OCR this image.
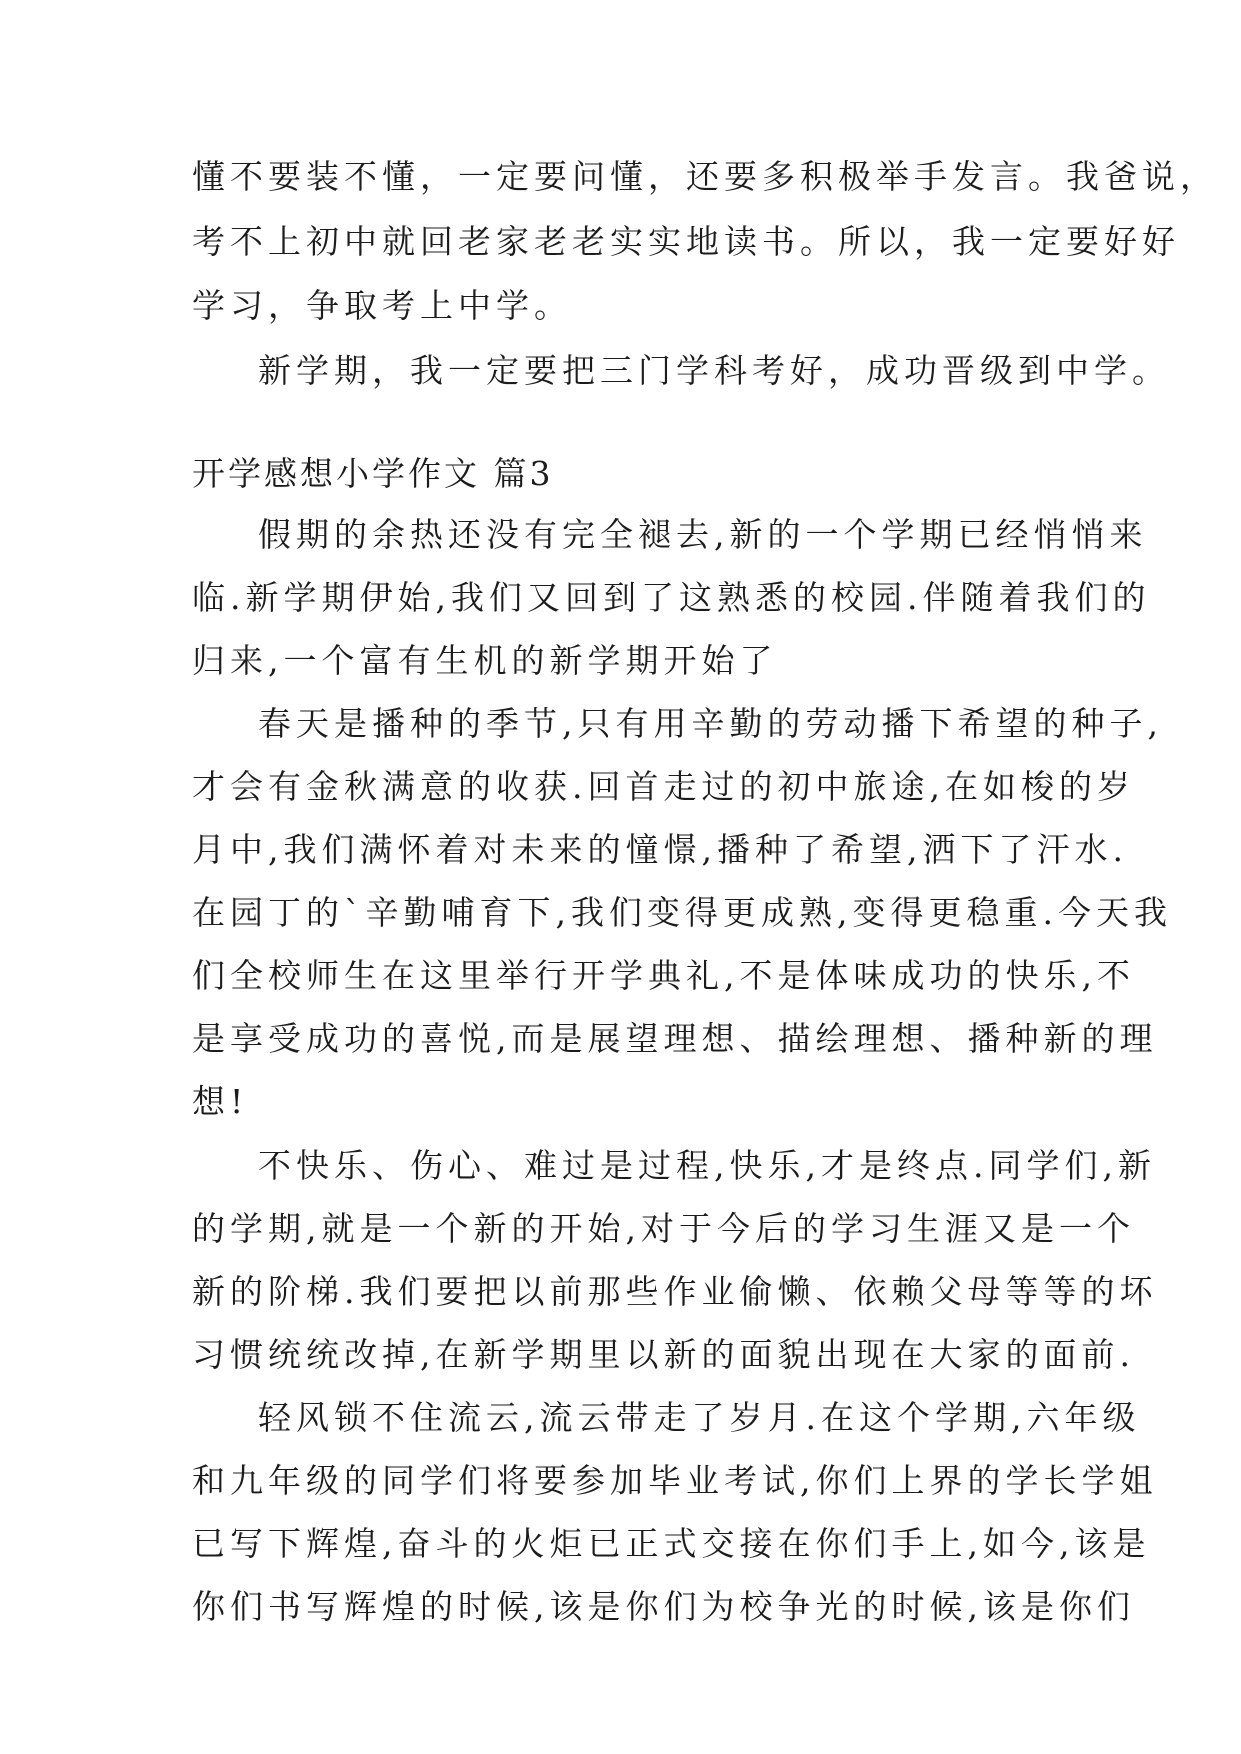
懂不要装不懂，一定要问懂，还要多积极举手发言。我爸说，
考不上初中就回老家老老实实地读书。所以，我一定要好好
学习，争取考上中学。
新学期，我一定要把三门学科考好，成功晋级到中学。
开学感想小学作文 篇3
假期的余热还没有完全褪去,新的一个学期已经悄悄来
临.新学期伊始,我们又回到了这熟悉的校园.伴随着我们的
归来,一个富有生机的新学期开始了
春天是播种的季节,只有用辛勤的劳动播下希望的种子,
才会有金秋满意的收获.回首走过的初中旅途,在如梭的岁
月中,我们满怀着对未来的憧憬,播种了希望,洒下了汗水.
在园丁的`辛勤哺育下,我们变得更成熟,变得更稳重.今天我
们全校师生在这里举行开学典礼,不是体味成功的快乐,不
是享受成功的喜悦,而是展望理想、描绘理想、播种新的理
想!
不快乐、伤心、难过是过程,快乐,才是终点.同学们,新
的学期,就是一个新的开始,对于今后的学习生涯又是一个
新的阶梯.我们要把以前那些作业偷懒、依赖父母等等的坏
习惯统统改掉,在新学期里以新的面貌出现在大家的面前.
轻风锁不住流云,流云带走了岁月.在这个学期,六年级
和九年级的同学们将要参加毕业考试,你们上界的学长学姐
已写下辉煌,奋斗的火炬已正式交接在你们手上,如今,该是
你们书写辉煌的时候,该是你们为校争光的时候,该是你们
